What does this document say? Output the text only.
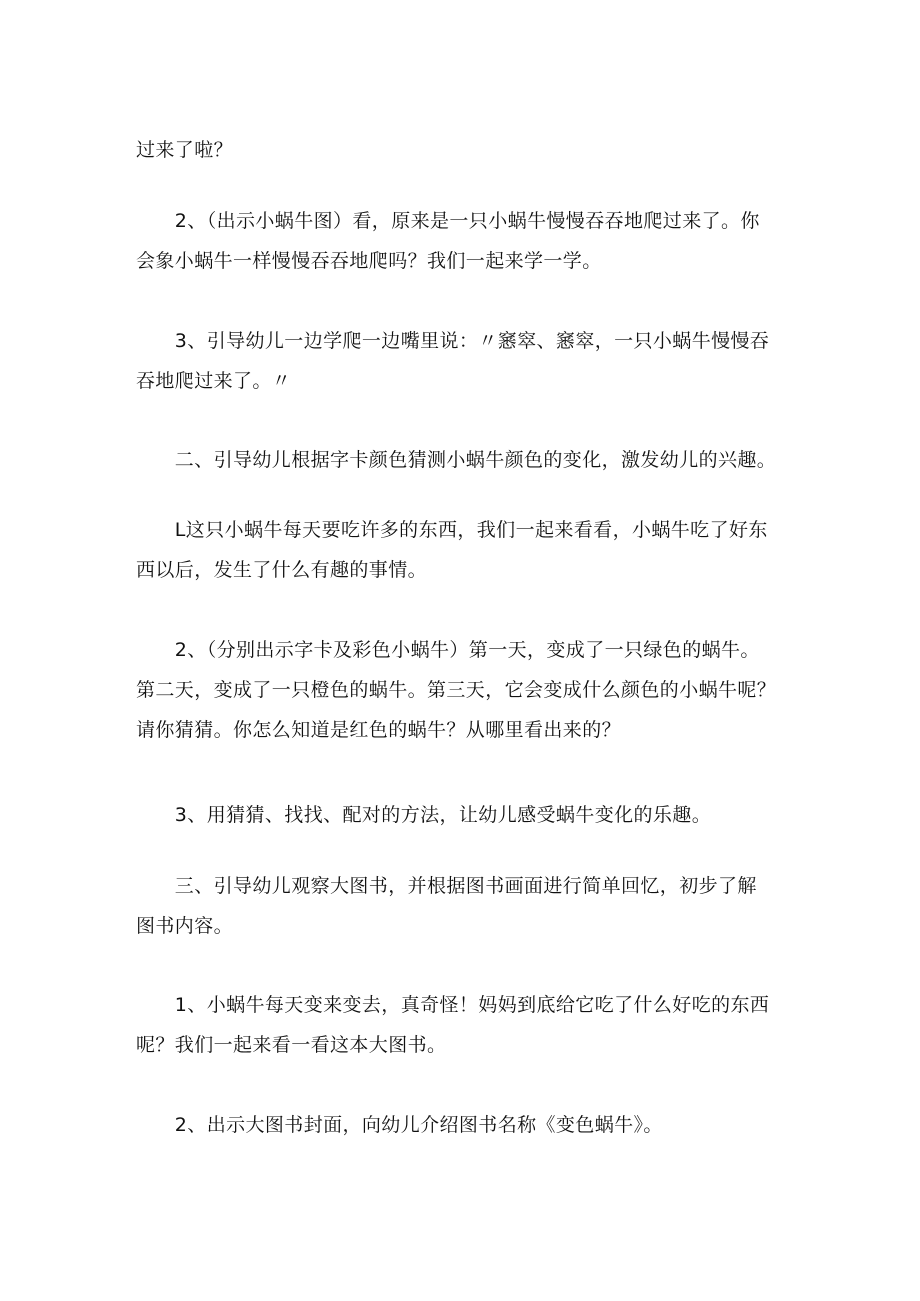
过来了啦？
　　2、（出示小蜗牛图）看，原来是一只小蜗牛慢慢吞吞地爬过来了。你
会象小蜗牛一样慢慢吞吞地爬吗？我们一起来学一学。
　　3、引导幼儿一边学爬一边嘴里说：〃窸窣、窸窣，一只小蜗牛慢慢吞
吞地爬过来了。〃
　　二、引导幼儿根据字卡颜色猜测小蜗牛颜色的变化，激发幼儿的兴趣。
　　L这只小蜗牛每天要吃许多的东西，我们一起来看看，小蜗牛吃了好东
西以后，发生了什么有趣的事情。
　　2、（分别出示字卡及彩色小蜗牛）第一天，变成了一只绿色的蜗牛。
第二天，变成了一只橙色的蜗牛。第三天，它会变成什么颜色的小蜗牛呢？
请你猜猜。你怎么知道是红色的蜗牛？从哪里看出来的？
　　3、用猜猜、找找、配对的方法，让幼儿感受蜗牛变化的乐趣。
　　三、引导幼儿观察大图书，并根据图书画面进行简单回忆，初步了解
图书内容。
　　1、小蜗牛每天变来变去，真奇怪！妈妈到底给它吃了什么好吃的东西
呢？我们一起来看一看这本大图书。
　　2、出示大图书封面，向幼儿介绍图书名称《变色蜗牛》。
